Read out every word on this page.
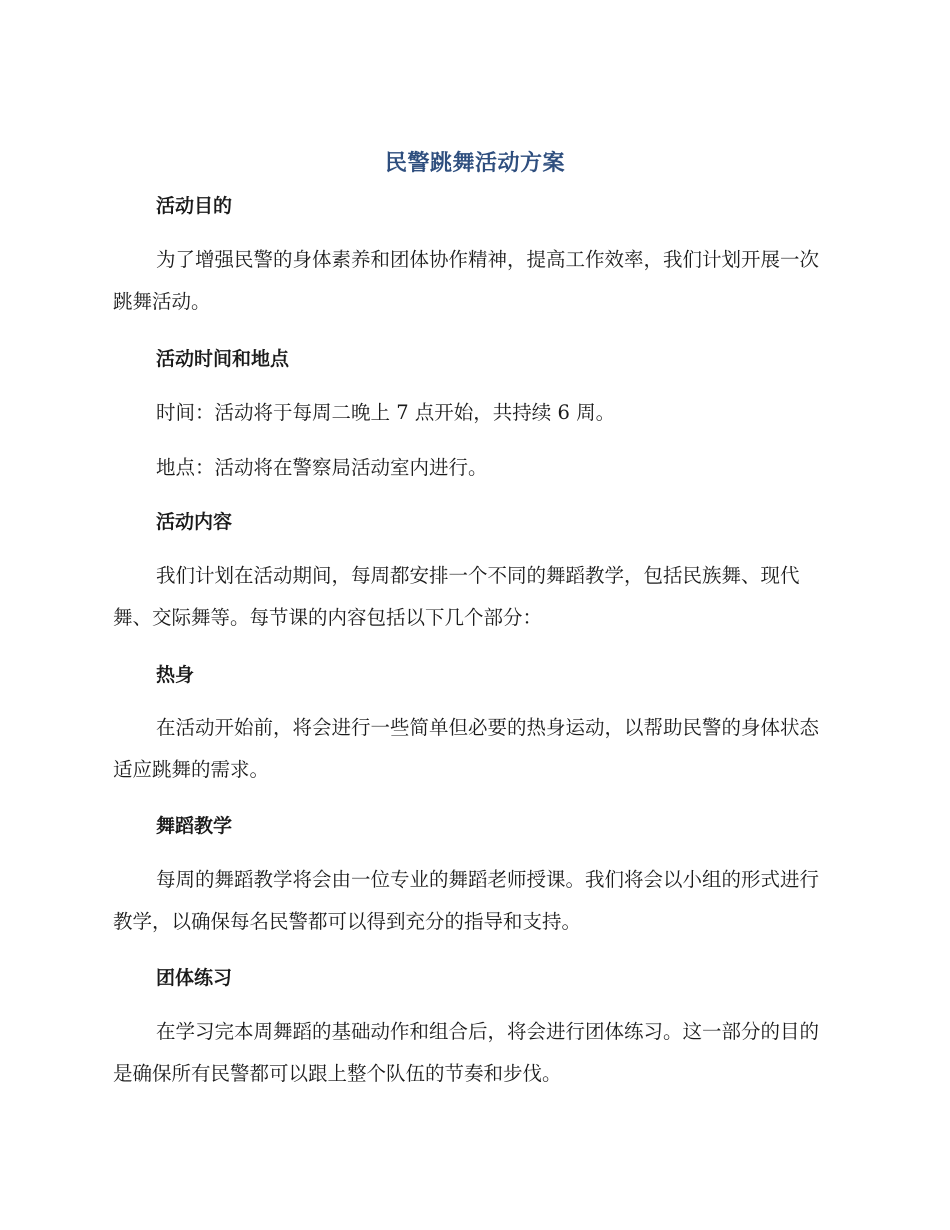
民警跳舞活动方案
活动目的

为了增强民警的身体素养和团体协作精神，提高工作效率，我们计划开展一次跳舞活动。

活动时间和地点

时间：活动将于每周二晚上 7 点开始，共持续 6 周。

地点：活动将在警察局活动室内进行。

活动内容

我们计划在活动期间，每周都安排一个不同的舞蹈教学，包括民族舞、现代舞、交际舞等。每节课的内容包括以下几个部分：

热身

在活动开始前，将会进行一些简单但必要的热身运动，以帮助民警的身体状态适应跳舞的需求。

舞蹈教学

每周的舞蹈教学将会由一位专业的舞蹈老师授课。我们将会以小组的形式进行教学，以确保每名民警都可以得到充分的指导和支持。

团体练习

在学习完本周舞蹈的基础动作和组合后，将会进行团体练习。这一部分的目的是确保所有民警都可以跟上整个队伍的节奏和步伐。
